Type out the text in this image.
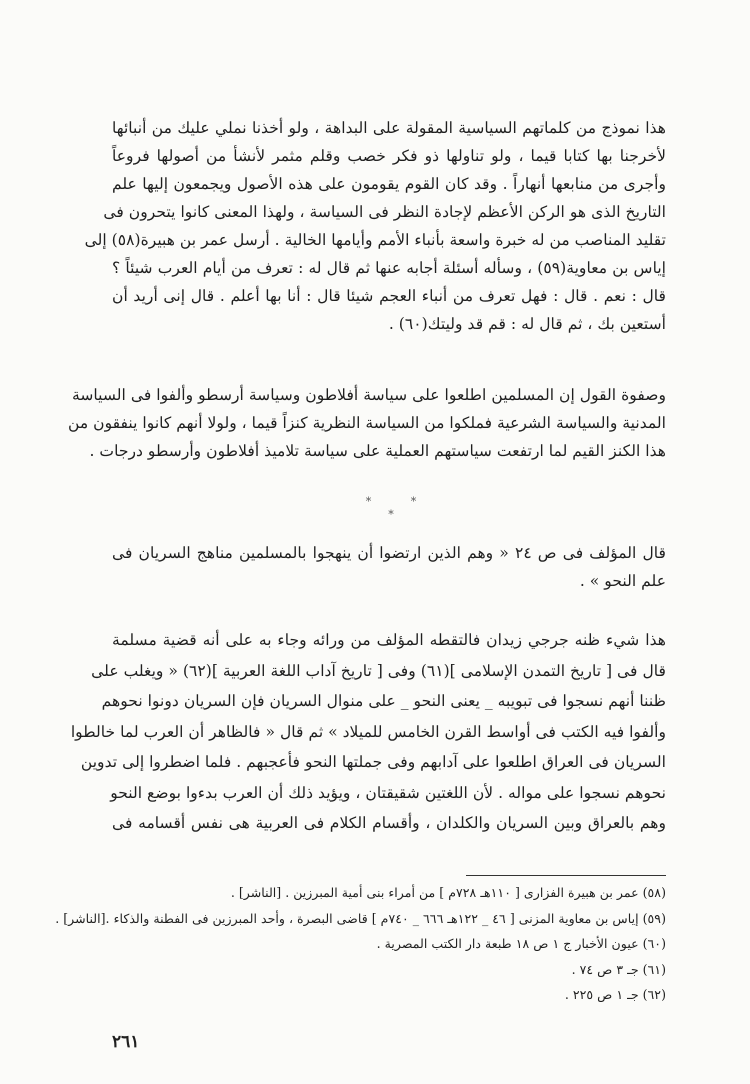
هذا نموذج من كلماتهم السياسية المقولة على البداهة ، ولو أخذنا نملي عليك من أنبائها
لأخرجنا بها كتابا قيما ، ولو تناولها ذو فكر خصب وقلم مثمر لأنشأ من أصولها فروعاً
وأجرى من منابعها أنهاراً . وقد كان القوم يقومون على هذه الأصول ويجمعون إليها علم
التاريخ الذى هو الركن الأعظم لإجادة النظر فى السياسة ، ولهذا المعنى كانوا يتحرون فى
تقليد المناصب من له خبرة واسعة بأنباء الأمم وأيامها الخالية . أرسل عمر بن هبيرة(٥٨) إلى
إياس بن معاوية(٥٩) ، وسأله أسئلة أجابه عنها ثم قال له : تعرف من أيام العرب شيئاً ؟
قال : نعم . قال : فهل تعرف من أنباء العجم شيئا قال : أنا بها أعلم . قال إنى أريد أن
أستعين بك ، ثم قال له : قم قد وليتك(٦٠) .
وصفوة القول إن المسلمين اطلعوا على سياسة أفلاطون وسياسة أرسطو وألفوا فى السياسة
المدنية والسياسة الشرعية فملكوا من السياسة النظرية كنزاً قيما ، ولولا أنهم كانوا ينفقون من
هذا الكنز القيم لما ارتفعت سياستهم العملية على سياسة تلاميذ أفلاطون وأرسطو درجات .
* * *
قال المؤلف فى ص ٢٤ « وهم الذين ارتضوا أن ينهجوا بالمسلمين مناهج السريان فى
علم النحو » .
هذا شيء ظنه جرجي زيدان فالتقطه المؤلف من ورائه وجاء به على أنه قضية مسلمة
قال فى [ تاريخ التمدن الإسلامى ](٦١) وفى [ تاريخ آداب اللغة العربية ](٦٢) « ويغلب على
ظننا أنهم نسجوا فى تبويبه _ يعنى النحو _ على منوال السريان فإن السريان دونوا نحوهم
وألفوا فيه الكتب فى أواسط القرن الخامس للميلاد » ثم قال « فالظاهر أن العرب لما خالطوا
السريان فى العراق اطلعوا على آدابهم وفى جملتها النحو فأعجبهم . فلما اضطروا إلى تدوين
نحوهم نسجوا على مواله . لأن اللغتين شقيقتان ، ويؤيد ذلك أن العرب بدءوا بوضع النحو
وهم بالعراق وبين السريان والكلدان ، وأقسام الكلام فى العربية هى نفس أقسامه فى
(٥٨) عمر بن هبيرة الفزارى [ ١١٠هـ ٧٢٨م ] من أمراء بنى أمية المبرزين . [الناشر] .
(٥٩) إياس بن معاوية المزنى [ ٤٦ _ ١٢٢هـ ٦٦٦ _ ٧٤٠م ] قاضى البصرة ، وأحد المبرزين فى الفطنة والذكاء .[الناشر] .
(٦٠) عيون الأخبار ج ١ ص ١٨ طبعة دار الكتب المصرية .
(٦١) جـ ٣ ص ٧٤ .
(٦٢) جـ ١ ص ٢٢٥ .
٢٦١
